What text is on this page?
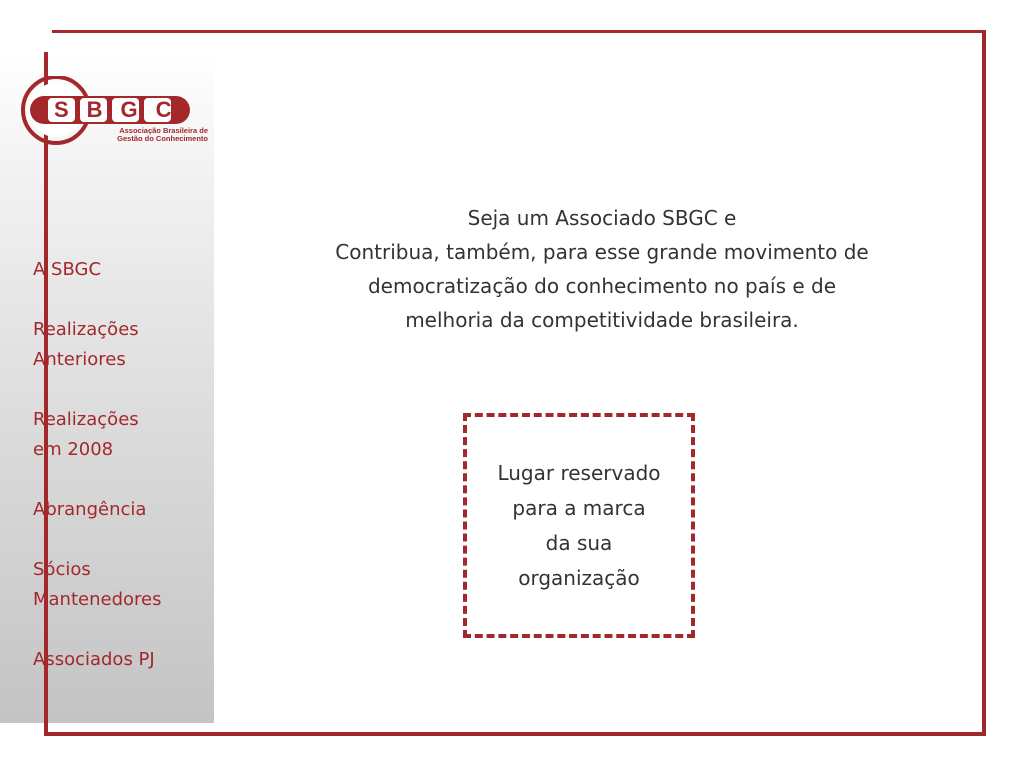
SBGC
Associação Brasileira de
Gestão do Conhecimento
A SBGC
Realizações
Anteriores
Realizações
em 2008
Abrangência
Sócios
Mantenedores
Associados PJ
Seja um Associado SBGC e
Contribua, também, para esse grande movimento de
democratização do conhecimento no país e de
melhoria da competitividade brasileira.
Lugar reservado
para a marca
da sua
organização
